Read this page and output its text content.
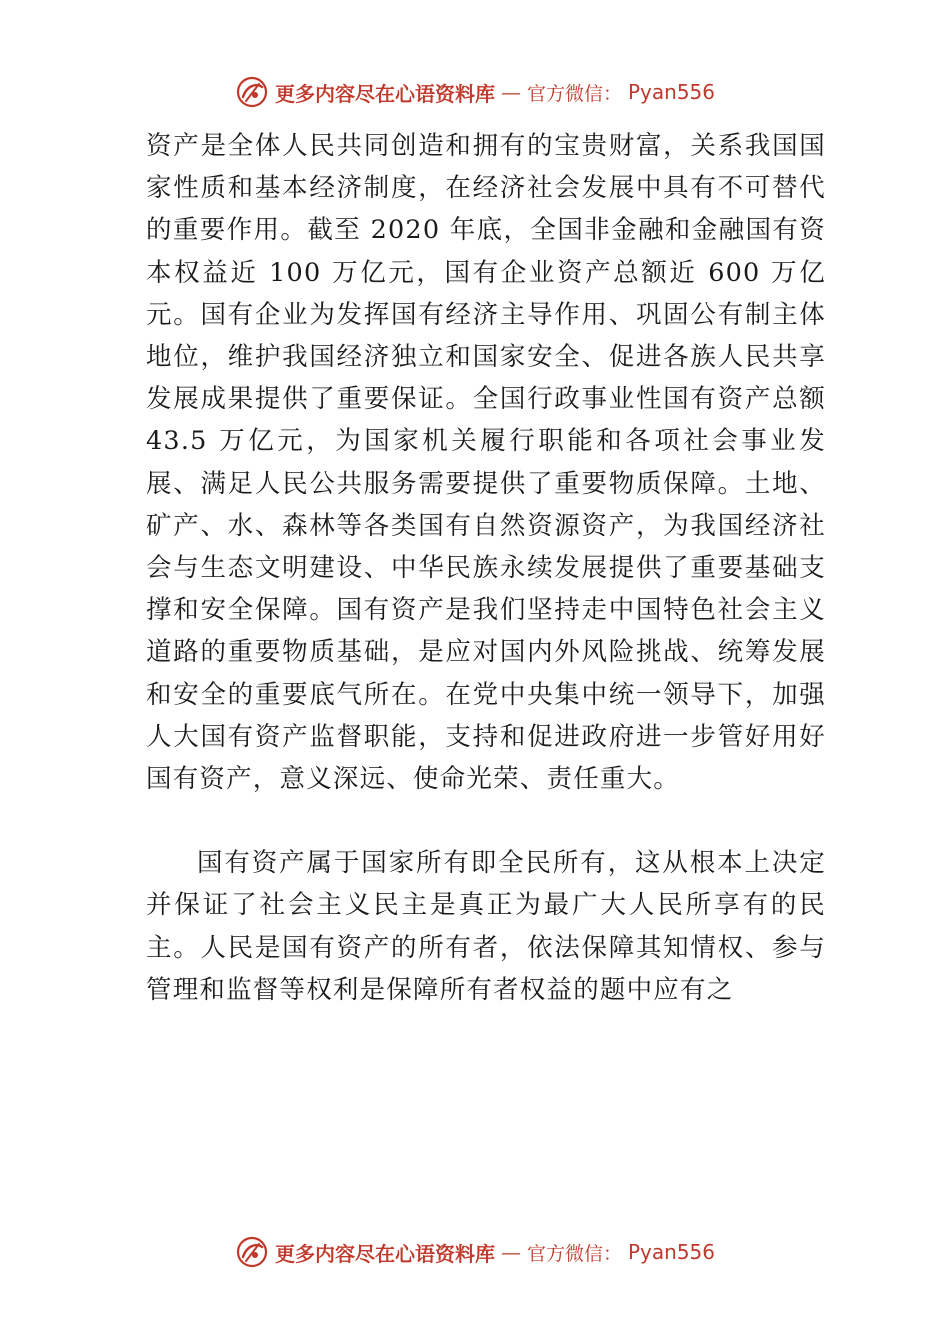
更多内容尽在心语资料库 — 官方微信： Pyan556

资产是全体人民共同创造和拥有的宝贵财富，关系我国国家性质和基本经济制度，在经济社会发展中具有不可替代的重要作用。截至 2020 年底，全国非金融和金融国有资本权益近 100 万亿元，国有企业资产总额近 600 万亿元。国有企业为发挥国有经济主导作用、巩固公有制主体地位，维护我国经济独立和国家安全、促进各族人民共享发展成果提供了重要保证。全国行政事业性国有资产总额 43.5 万亿元，为国家机关履行职能和各项社会事业发展、满足人民公共服务需要提供了重要物质保障。土地、矿产、水、森林等各类国有自然资源资产，为我国经济社会与生态文明建设、中华民族永续发展提供了重要基础支撑和安全保障。国有资产是我们坚持走中国特色社会主义道路的重要物质基础，是应对国内外风险挑战、统筹发展和安全的重要底气所在。在党中央集中统一领导下，加强人大国有资产监督职能，支持和促进政府进一步管好用好国有资产，意义深远、使命光荣、责任重大。

国有资产属于国家所有即全民所有，这从根本上决定并保证了社会主义民主是真正为最广大人民所享有的民主。人民是国有资产的所有者，依法保障其知情权、参与管理和监督等权利是保障所有者权益的题中应有之

更多内容尽在心语资料库 — 官方微信： Pyan556
